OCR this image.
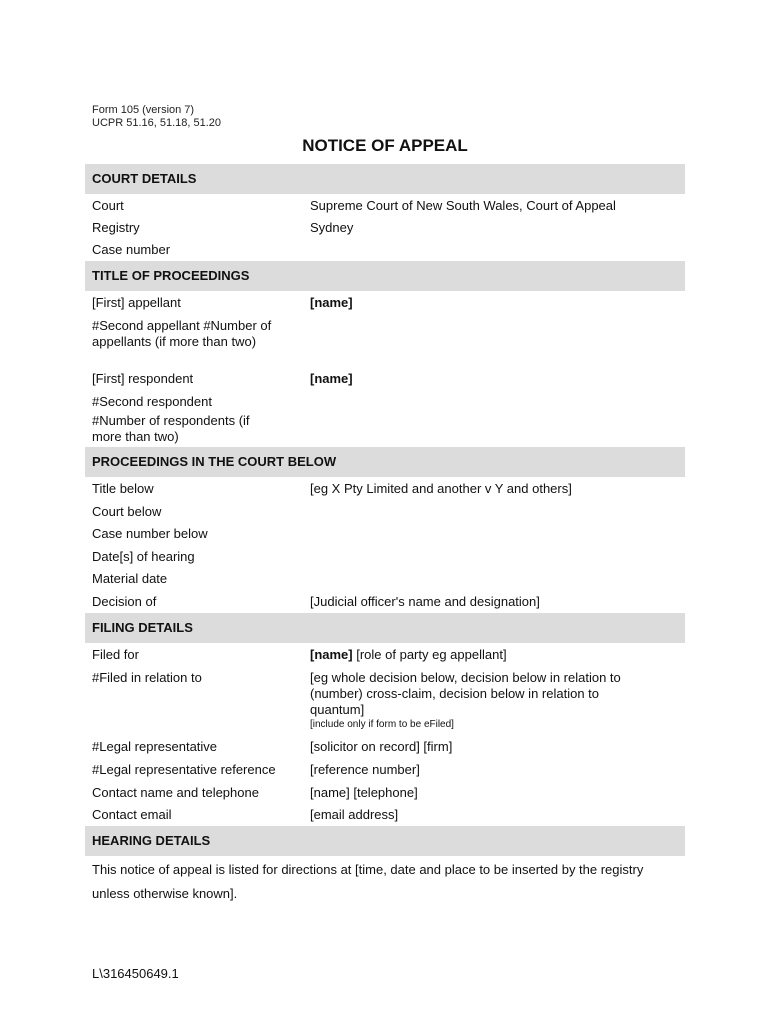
Form 105 (version 7)
UCPR 51.16, 51.18, 51.20
NOTICE OF APPEAL
COURT DETAILS
Court	Supreme Court of New South Wales, Court of Appeal
Registry	Sydney
Case number
TITLE OF PROCEEDINGS
[First] appellant	[name]
#Second appellant #Number of appellants (if more than two)
[First] respondent	[name]
#Second respondent
#Number of respondents (if more than two)
PROCEEDINGS IN THE COURT BELOW
Title below	[eg X Pty Limited and another v Y and others]
Court below
Case number below
Date[s] of hearing
Material date
Decision of	[Judicial officer's name and designation]
FILING DETAILS
Filed for	[name] [role of party eg appellant]
#Filed in relation to	[eg whole decision below, decision below in relation to (number) cross-claim, decision below in relation to quantum]
[include only if form to be eFiled]
#Legal representative	[solicitor on record] [firm]
#Legal representative reference	[reference number]
Contact name and telephone	[name] [telephone]
Contact email	[email address]
HEARING DETAILS
This notice of appeal is listed for directions at [time, date and place to be inserted by the registry unless otherwise known].
L\316450649.1
